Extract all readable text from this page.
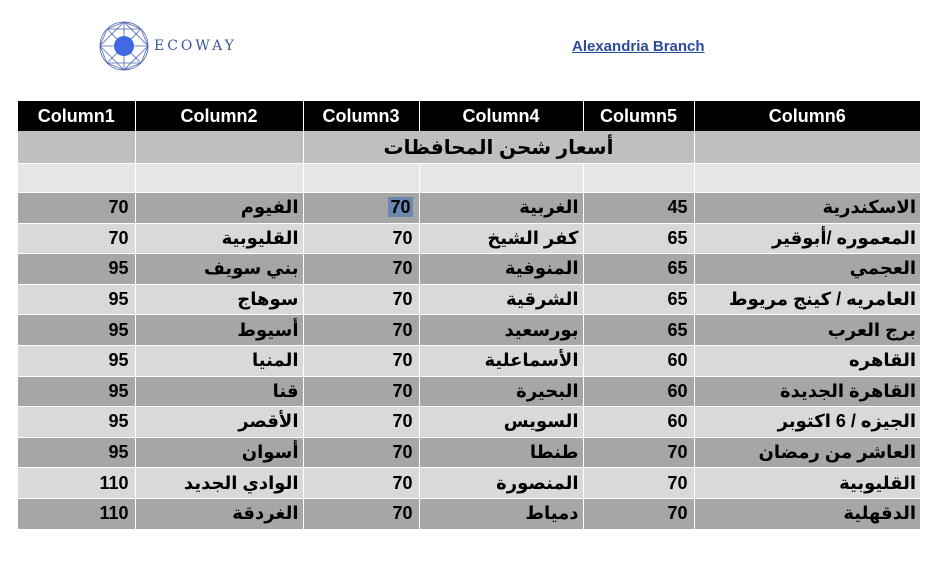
ECOWAY	Alexandria Branch
Column1	Column2	Column3	Column4	Column5	Column6
		أسعار شحن المحافظات			

70	الفيوم	70	الغربية	45	الاسكندرية
70	القليوبية	70	كفر الشيخ	65	المعموره /أبوقير
95	بني سويف	70	المنوفية	65	العجمي
95	سوهاج	70	الشرقية	65	العامريه / كينج مريوط
95	أسيوط	70	بورسعيد	65	برج العرب
95	المنيا	70	الأسماعلية	60	القاهره
95	قنا	70	البحيرة	60	القاهرة الجديدة
95	الأقصر	70	السويس	60	الجيزه / 6 اكتوبر
95	أسوان	70	طنطا	70	العاشر من رمضان
110	الوادي الجديد	70	المنصورة	70	القليوبية
110	الغردقة	70	دمياط	70	الدقهلية
